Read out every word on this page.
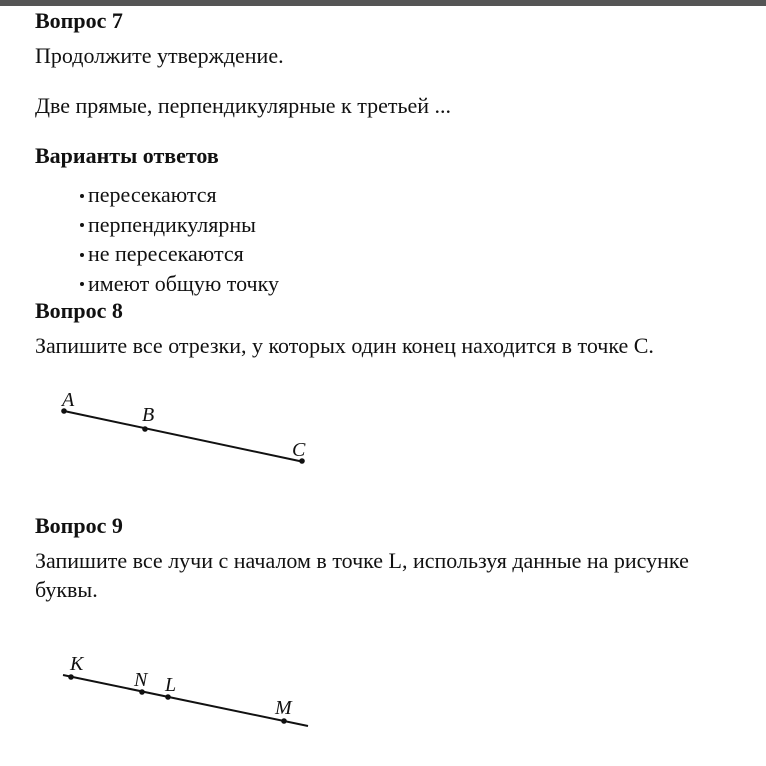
Вопрос 7
Продолжите утверждение.
Две прямые, перпендикулярные к третьей ...
Варианты ответов
пересекаются
перпендикулярны
не пересекаются
имеют общую точку
Вопрос 8
Запишите все отрезки, у которых один конец находится в точке C.
A
B
C
Вопрос 9
Запишите все лучи с началом в точке L, используя данные на рисунке буквы.
K
N L
M
